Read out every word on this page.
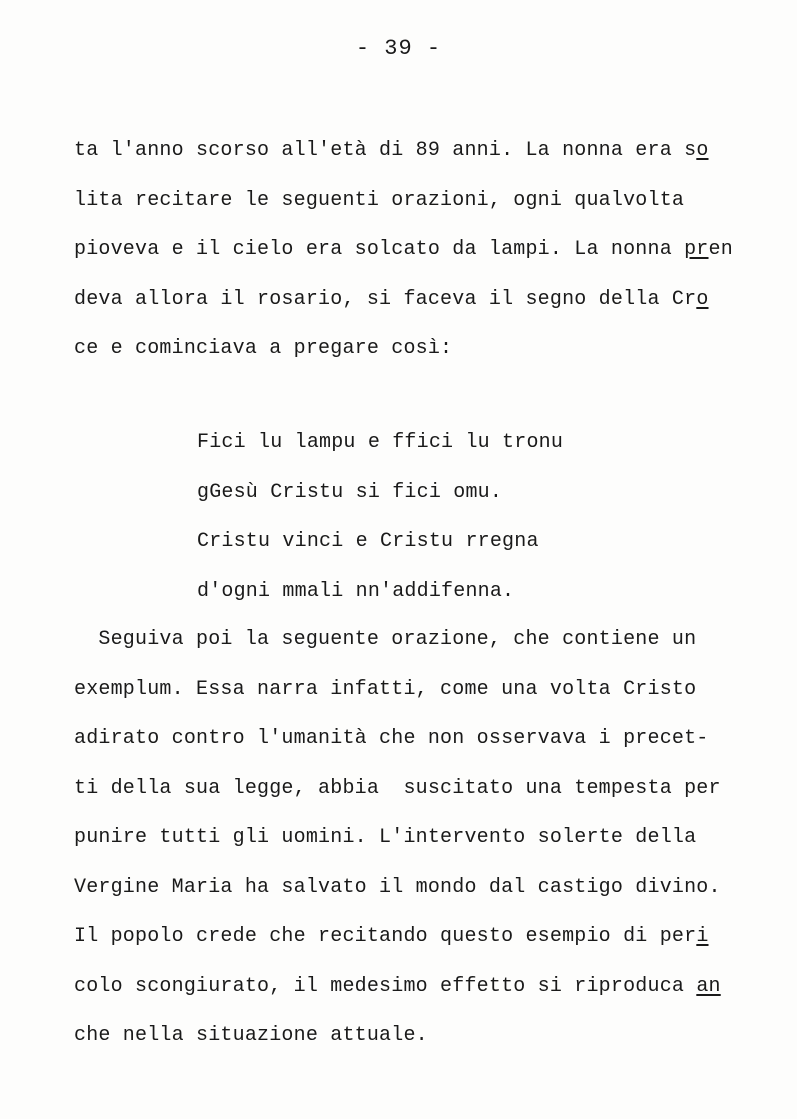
- 39 -
ta l'anno scorso all'età di 89 anni. La nonna era so
lita recitare le seguenti orazioni, ogni qualvolta
pioveva e il cielo era solcato da lampi. La nonna pren
deva allora il rosario, si faceva il segno della Cro
ce e cominciava a pregare così:
Fici lu lampu e ffici lu tronu
gGesù Cristu si fici omu.
Cristu vinci e Cristu rregna
d'ogni mmali nn'addifenna.
Seguiva poi la seguente orazione, che contiene un
exemplum. Essa narra infatti, come una volta Cristo
adirato contro l'umanità che non osservava i precet-
ti della sua legge, abbia  suscitato una tempesta per
punire tutti gli uomini. L'intervento solerte della
Vergine Maria ha salvato il mondo dal castigo divino.
Il popolo crede che recitando questo esempio di peri
colo scongiurato, il medesimo effetto si riproduca an
che nella situazione attuale.
